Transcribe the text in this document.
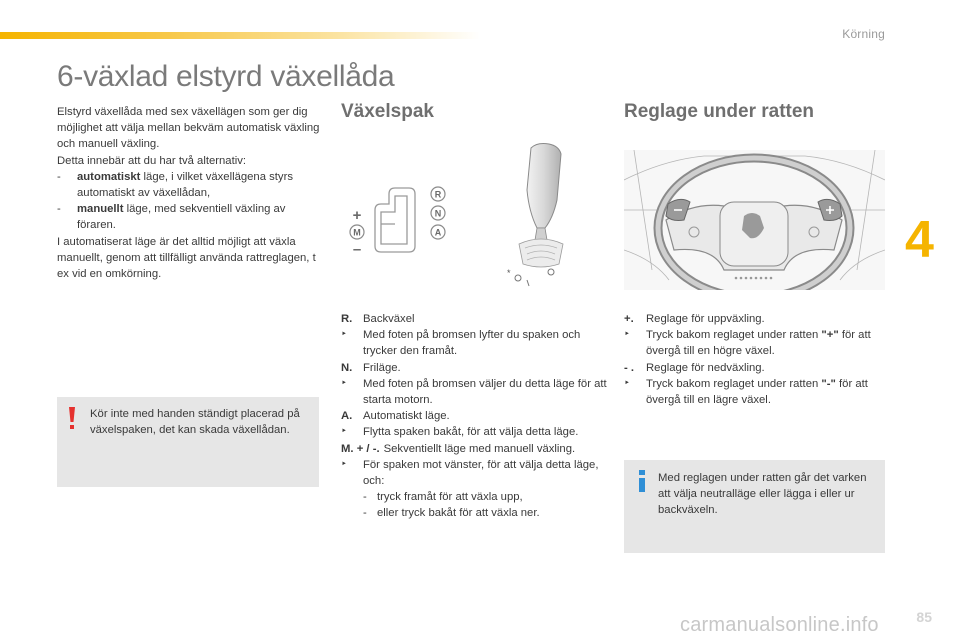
Körning
6-växlad elstyrd växellåda

Elstyrd växellåda med sex växellägen som ger dig möjlighet att välja mellan bekväm automatisk växling och manuell växling.

Detta innebär att du har två alternativ:

-	automatiskt läge, i vilket växellägena styrs automatiskt av växellådan,
-	manuellt läge, med sekventiell växling av föraren.

I automatiserat läge är det alltid möjligt att växla manuellt, genom att tillfälligt använda rattreglagen, t ex vid en omkörning.

Kör inte med handen ständigt placerad på växelspaken, det kan skada växellådan.
Växelspak	Reglage under ratten
R
N
A
M
+
–
*
R. Backväxel
‣	Med foten på bromsen lyfter du spaken och trycker den framåt.
N. Friläge.
‣	Med foten på bromsen väljer du detta läge för att starta motorn.
A. Automatiskt läge.
‣	Flytta spaken bakåt, för att välja detta läge.
M. + / -. Sekventiellt läge med manuell växling.
‣	För spaken mot vänster, för att välja detta läge, och:
- tryck framåt för att växla upp,
- eller tryck bakåt för att växla ner.
+.	Reglage för uppväxling.
‣	Tryck bakom reglaget under ratten "+" för att övergå till en högre växel.
- .	Reglage för nedväxling.
‣	Tryck bakom reglaget under ratten "-" för att övergå till en lägre växel.
Med reglagen under ratten går det varken att välja neutralläge eller lägga i eller ur backväxeln.
4
85
carmanualsonline.info
